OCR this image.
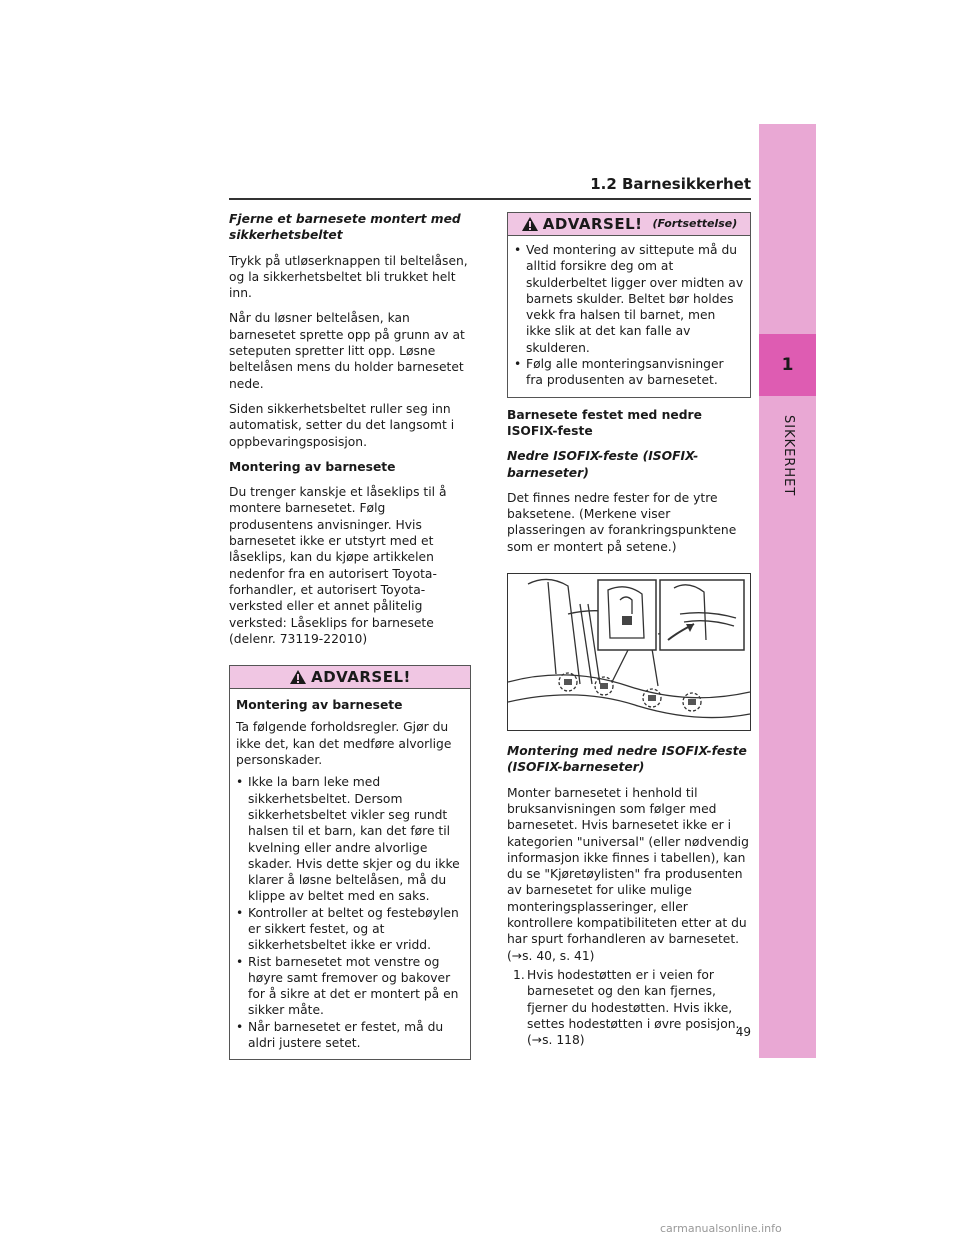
1.2 Barnesikkerhet
1
SIKKERHET

Fjerne et barnesete montert med sikkerhetsbeltet

Trykk på utløserknappen til beltelåsen, og la sikkerhetsbeltet bli trukket helt inn.

Når du løsner beltelåsen, kan barnesetet sprette opp på grunn av at seteputen spretter litt opp. Løsne beltelåsen mens du holder barnesetet nede.

Siden sikkerhetsbeltet ruller seg inn automatisk, setter du det langsomt i oppbevaringsposisjon.

Montering av barnesete

Du trenger kanskje et låseklips til å montere barnesetet. Følg produsentens anvisninger. Hvis barnesetet ikke er utstyrt med et låseklips, kan du kjøpe artikkelen nedenfor fra en autorisert Toyota-forhandler, et autorisert Toyota-verksted eller et annet pålitelig verksted: Låseklips for barnesete (delenr. 73119-22010)

ADVARSEL!

Montering av barnesete

Ta følgende forholdsregler. Gjør du ikke det, kan det medføre alvorlige personskader.

• Ikke la barn leke med sikkerhetsbeltet. Dersom sikkerhetsbeltet vikler seg rundt halsen til et barn, kan det føre til kvelning eller andre alvorlige skader. Hvis dette skjer og du ikke klarer å løsne beltelåsen, må du klippe av beltet med en saks.
• Kontroller at beltet og festebøylen er sikkert festet, og at sikkerhetsbeltet ikke er vridd.
• Rist barnesetet mot venstre og høyre samt fremover og bakover for å sikre at det er montert på en sikker måte.
• Når barnesetet er festet, må du aldri justere setet.
ADVARSEL! (Fortsettelse)
• Ved montering av sittepute må du alltid forsikre deg om at skulderbeltet ligger over midten av barnets skulder. Beltet bør holdes vekk fra halsen til barnet, men ikke slik at det kan falle av skulderen.
• Følg alle monteringsanvisninger fra produsenten av barnesetet.

Barnesete festet med nedre ISOFIX-feste

Nedre ISOFIX-feste (ISOFIX-barneseter)

Det finnes nedre fester for de ytre baksetene. (Merkene viser plasseringen av forankringspunktene som er montert på setene.)

Montering med nedre ISOFIX-feste (ISOFIX-barneseter)

Monter barnesetet i henhold til bruksanvisningen som følger med barnesetet. Hvis barnesetet ikke er i kategorien "universal" (eller nødvendig informasjon ikke finnes i tabellen), kan du se "Kjøretøylisten" fra produsenten av barnesetet for ulike mulige monteringsplasseringer, eller kontrollere kompatibiliteten etter at du har spurt forhandleren av barnesetet. (→s. 40, s. 41)

1. Hvis hodestøtten er i veien for barnesetet og den kan fjernes, fjerner du hodestøtten. Hvis ikke, settes hodestøtten i øvre posisjon. (→s. 118)
49
carmanualsonline.info
